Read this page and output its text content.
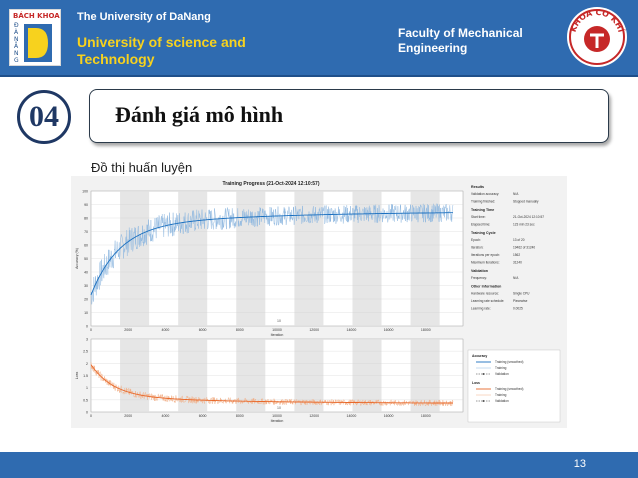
BÁCH KHOA
Đ
À
N
Ẵ
N
G
The University of DaNang
University of science and Technology
Faculty of Mechanical Engineering
KHOA CƠ KHÍ
04	Đánh giá mô hình
Đồ thị huấn luyện
Training Progress (21-Oct-2024 12:10:57)
100
90
80
70
60
50
40
30
20
10
0
0	2000	4000	6000	8000	10000	12000	14000	16000	18000
Accuracy (%)
Iteration
10
3
2.5
2
1.5
1
0.5
0
0	2000	4000	6000	8000	10000	12000	14000	16000	18000
Loss
Iteration
10
Results
Validation accuracy:	N/A
Training finished:	Stopped manually
Training Time
Start time:	21-Oct-2024 12:10:57
Elapsed time:	123 min 23 sec
Training Cycle
Epoch:	13 of 20
Iteration:	19462 of 31240
Iterations per epoch:	1562
Maximum iterations:	31240
Validation
Frequency:	N/A
Other Information
Hardware resource:	Single CPU
Learning rate schedule:	Piecewise
Learning rate:	0.0025
Accuracy
Training (smoothed)
Training
Validation
Loss
Training (smoothed)
Training
Validation
13
